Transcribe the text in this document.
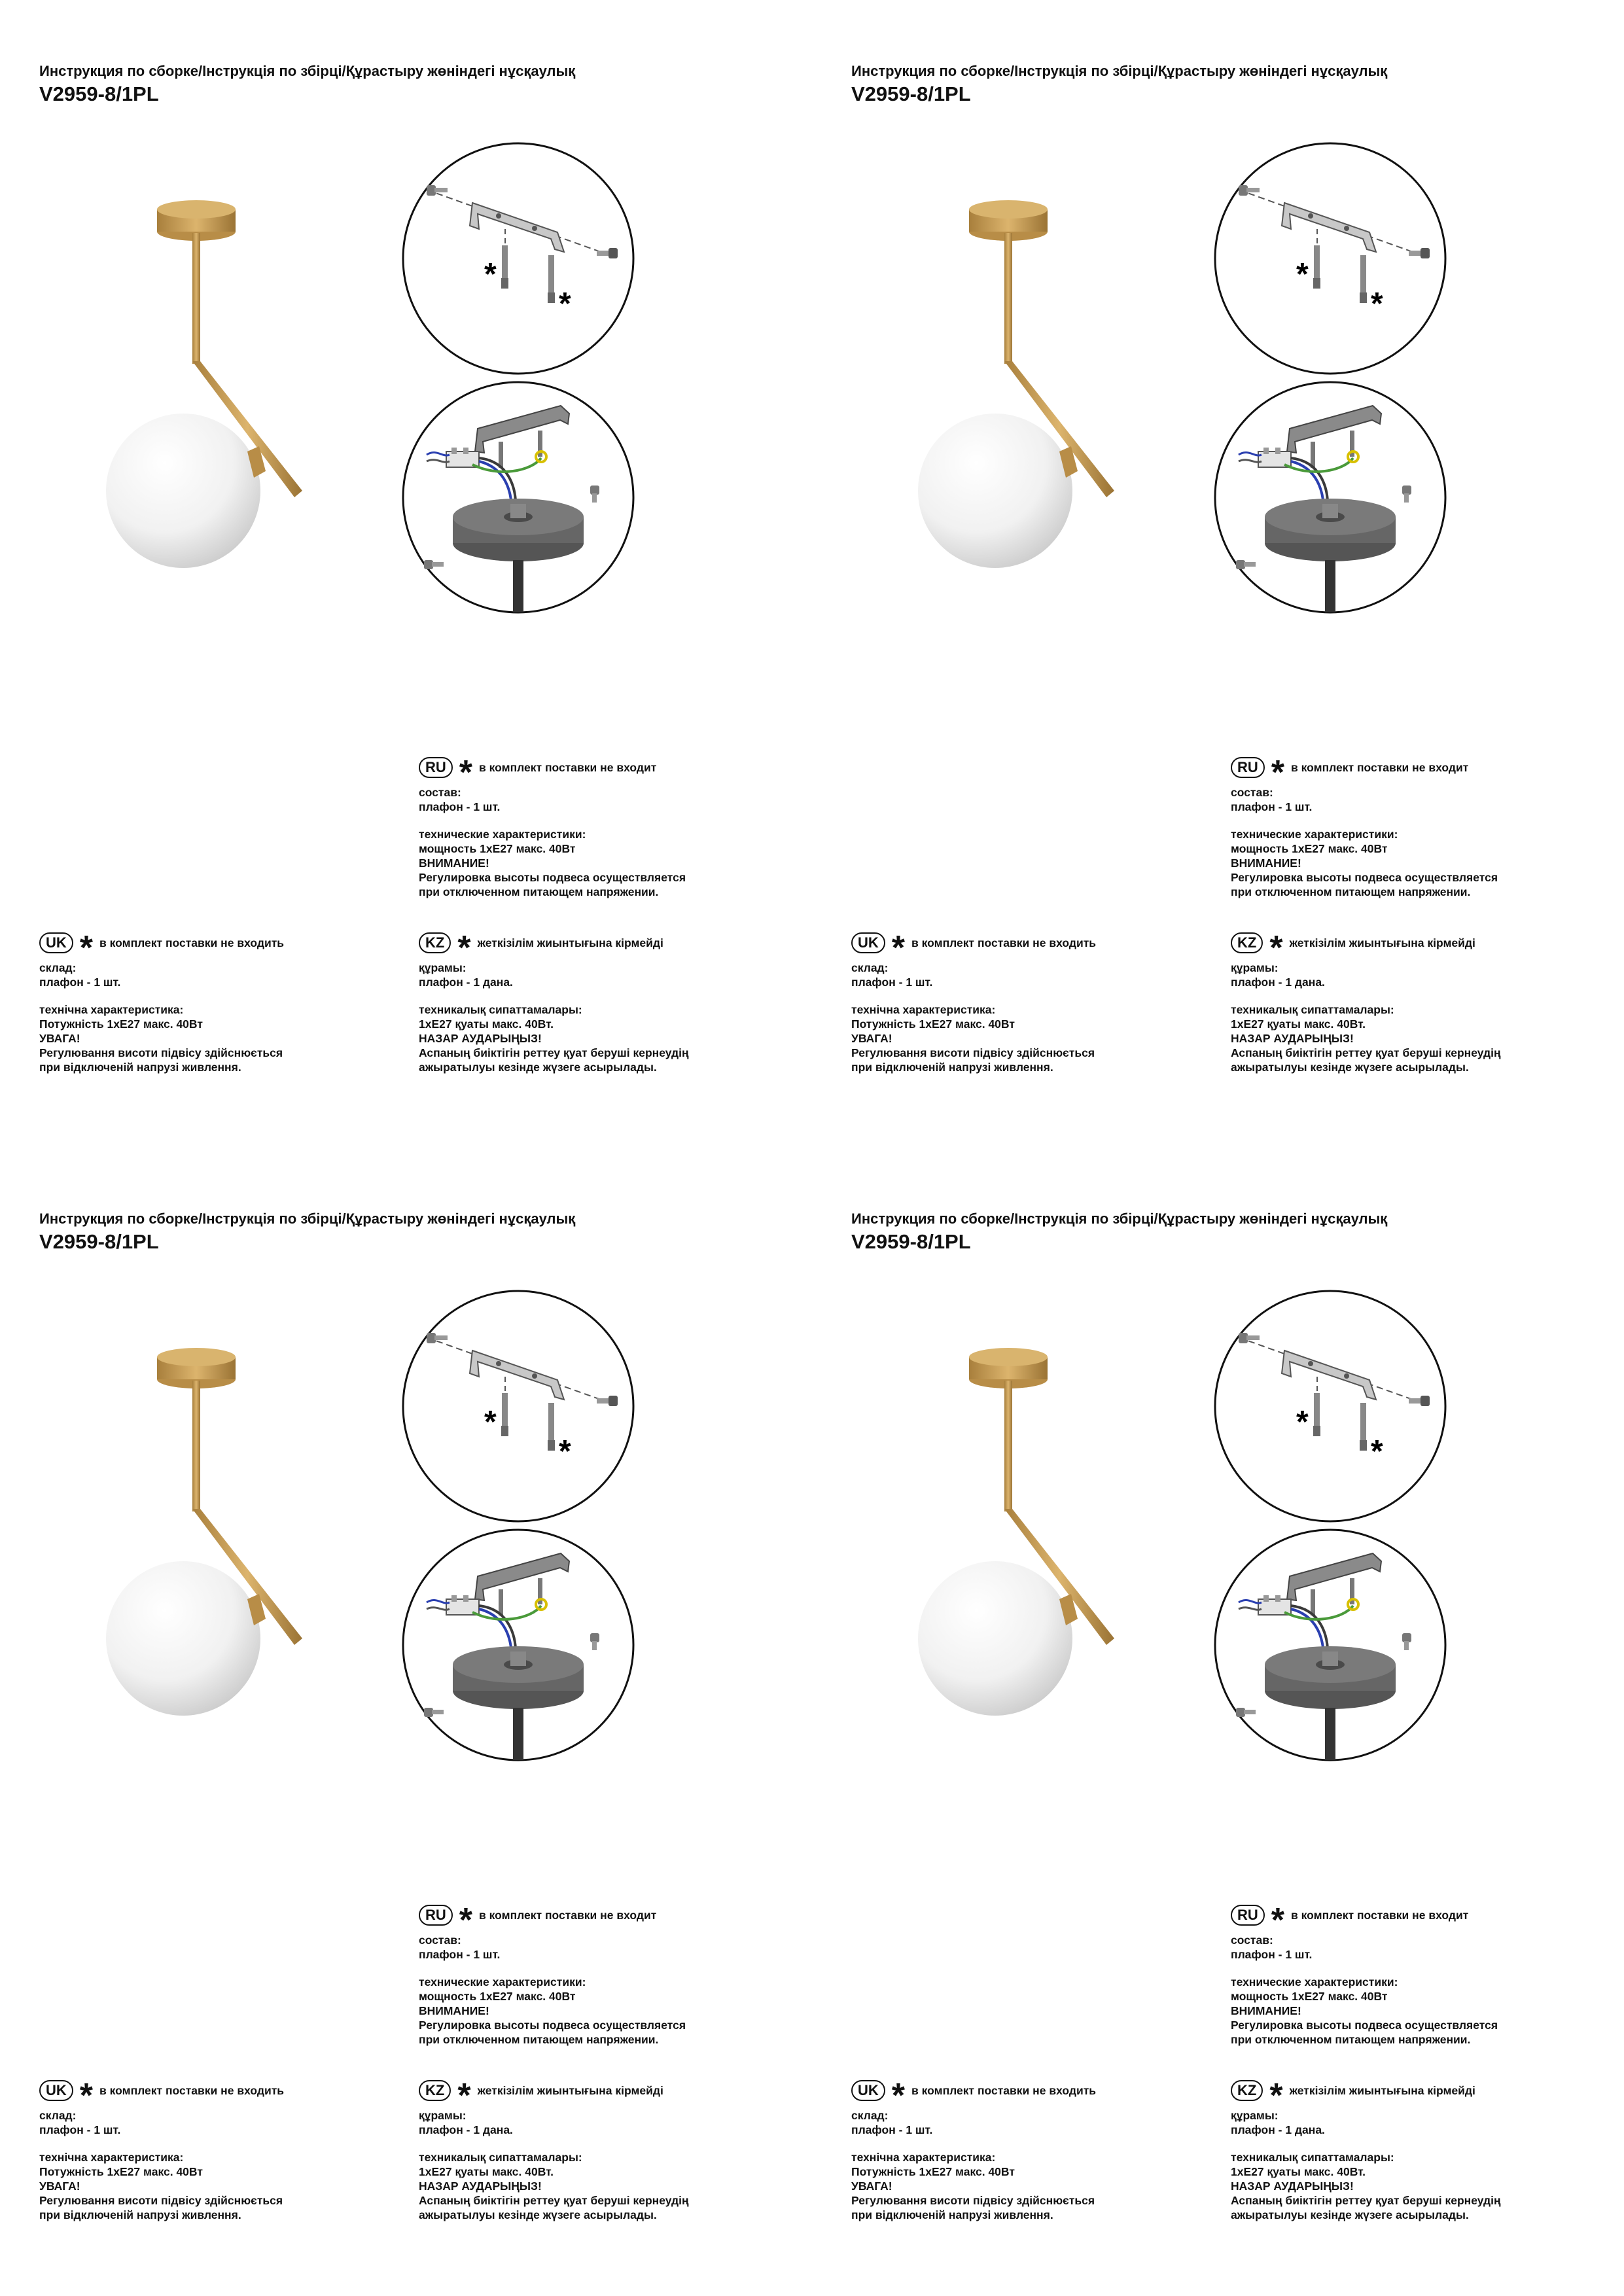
Инструкция по сборке/Інструкція по збірці/Құрастыру жөніндегі нұсқаулық
V2959-8/1PL
*
*
RU * в комплект поставки не входит
состав:
плафон - 1 шт.
технические характеристики:
мощность 1хE27 макс. 40Вт
ВНИМАНИЕ!
Регулировка высоты подвеса осуществляется
при отключенном питающем напряжении.
UK * в комплект поставки не входить
склад:
плафон - 1 шт.
технічна характеристика:
Потужність 1хE27 макс. 40Вт
УВАГА!
Регулювання висоти підвісу здійснюється
при відключеній напрузі живлення.
KZ * жеткізілім жиынтығына кірмейді
құрамы:
плафон - 1 дана.
техникалық сипаттамалары:
1хE27 қуаты макс. 40Вт.
НАЗАР АУДАРЫҢЫЗ!
Аспаның биіктігін реттеу қуат беруші кернеудің
ажыратылуы кезінде жүзеге асырылады.
Инструкция по сборке/Інструкція по збірці/Құрастыру жөніндегі нұсқаулық
V2959-8/1PL
*
*
RU * в комплект поставки не входит
состав:
плафон - 1 шт.
технические характеристики:
мощность 1хE27 макс. 40Вт
ВНИМАНИЕ!
Регулировка высоты подвеса осуществляется
при отключенном питающем напряжении.
UK * в комплект поставки не входить
склад:
плафон - 1 шт.
технічна характеристика:
Потужність 1хE27 макс. 40Вт
УВАГА!
Регулювання висоти підвісу здійснюється
при відключеній напрузі живлення.
KZ * жеткізілім жиынтығына кірмейді
құрамы:
плафон - 1 дана.
техникалық сипаттамалары:
1хE27 қуаты макс. 40Вт.
НАЗАР АУДАРЫҢЫЗ!
Аспаның биіктігін реттеу қуат беруші кернеудің
ажыратылуы кезінде жүзеге асырылады.
Инструкция по сборке/Інструкція по збірці/Құрастыру жөніндегі нұсқаулық
V2959-8/1PL
*
*
RU * в комплект поставки не входит
состав:
плафон - 1 шт.
технические характеристики:
мощность 1хE27 макс. 40Вт
ВНИМАНИЕ!
Регулировка высоты подвеса осуществляется
при отключенном питающем напряжении.
UK * в комплект поставки не входить
склад:
плафон - 1 шт.
технічна характеристика:
Потужність 1хE27 макс. 40Вт
УВАГА!
Регулювання висоти підвісу здійснюється
при відключеній напрузі живлення.
KZ * жеткізілім жиынтығына кірмейді
құрамы:
плафон - 1 дана.
техникалық сипаттамалары:
1хE27 қуаты макс. 40Вт.
НАЗАР АУДАРЫҢЫЗ!
Аспаның биіктігін реттеу қуат беруші кернеудің
ажыратылуы кезінде жүзеге асырылады.
Инструкция по сборке/Інструкція по збірці/Құрастыру жөніндегі нұсқаулық
V2959-8/1PL
*
*
RU * в комплект поставки не входит
состав:
плафон - 1 шт.
технические характеристики:
мощность 1хE27 макс. 40Вт
ВНИМАНИЕ!
Регулировка высоты подвеса осуществляется
при отключенном питающем напряжении.
UK * в комплект поставки не входить
склад:
плафон - 1 шт.
технічна характеристика:
Потужність 1хE27 макс. 40Вт
УВАГА!
Регулювання висоти підвісу здійснюється
при відключеній напрузі живлення.
KZ * жеткізілім жиынтығына кірмейді
құрамы:
плафон - 1 дана.
техникалық сипаттамалары:
1хE27 қуаты макс. 40Вт.
НАЗАР АУДАРЫҢЫЗ!
Аспаның биіктігін реттеу қуат беруші кернеудің
ажыратылуы кезінде жүзеге асырылады.
